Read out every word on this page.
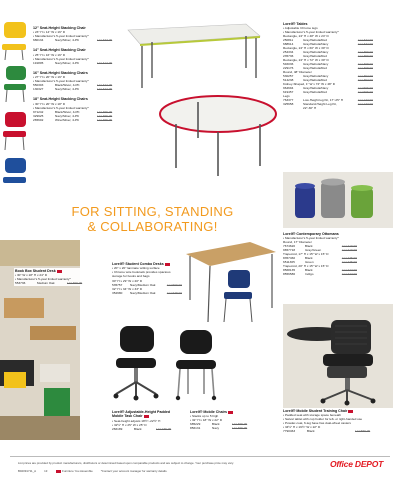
12" Seat-Height Stacking Chair
• 23" H x 14" W x 16" D
• Manufacturer's 5-year limited warranty*
680134	Navy/Silver, 4-PK	List 377.00
14" Seat-Height Stacking Chair
• 25" H x 16" W x 16" D
• Manufacturer's 5-year limited warranty*
191805	Navy/Silver, 4-PK	List 412.00
16" Seat-Height Stacking Chairs
• 27" H x 20" W x 16" D
• Manufacturer's 5-year limited warranty*
550303	Black/Silver, 4-PK	List 424.00
130327	Navy/Silver, 4-PK	List 424.00
18" Seat-Height Stacking Chairs
• 30" H x 20" W x 18" D
• Manufacturer's 5-year limited warranty*
971242	Black/Silver, 4-PK	List 456.00
329925	Navy/Silver, 4-PK	List 456.00
265602	Wine/Silver, 4-PK	List 456.00
Lorell® Tables
• Adjustable Chrome legs
• Manufacturer's 5-year limited warranty*
Rectangle, 24" H x 48" W x 24" D
250811	Gray/Nebula/Red	List 334.00
688614	Gray/Nebula/Navy	List 334.00
Rectangle, 24" H x 60" W x 30" D
254334	Gray/Nebula/Navy	List 359.00
235736	Gray/Nebula/Red	List 359.00
Rectangle, 24" H x 72" W x 30" D
546036	Gray/Nebula/Navy	List 368.00
229176	Gray/Nebula/Red	List 368.00
Round, 48" Diameter
530257	Gray/Nebula/Navy	List 357.00
514238	Gray/Nebula/Red	List 357.00
Kidney-Shaped, 1" W x 72" W x 48" D
964694	Gray/Nebula/Navy	List 566.00
619457	Gray/Nebula/Red	List 566.00
Legs
763377	Low-Height leg Kit, 17"-25" H	List 177.00
325658	Standard-Height Leg Kit,	List 177.00
22"-30" H
FOR SITTING, STANDING
& COLLABORATING!
Lorell® Contemporary Ottomans
• Manufacturer's 5-year limited warranty*
Round, 17" Diameter
7674620	Black	List 219.00
9657718	Gray/Green	List 219.00
Trapezoid, 17" H x 15" W x 15" D
8357460	Black	List 235.00
6511365	Green	List 235.00
Trapezoid, 20" H x 15" W x 15" D
8568135	Black	List 247.00
8556586	Indigo	List 247.00
Book Box Student Desk
• 30" W x 18" H x 24" D
• Manufacturer's 5-year limited warranty*
553736	Medium Oak	List 399.00
Lorell® Student Combo Desks
• 20" x 20" laminate writing surface
• Chrome wire bookrack provides spacious
storage for books and bags
30" H x 29" W x 20" D
535757	Navy/Medium Oak	List 599.00
32" H x 34" W x 33" D
352980	Navy/Medium Oak	List 678.00
Lorell® Adjustable-Height Padded
Mobile Task Chair
• Seat-height adjusts 18½"–22½" H
• 32½" H x 25" W x 25" D
266189	Black	List 236.00
Lorell® Mobile Chairs
• Stacks up to 5 high
• 32" H x 18" W x 22" D
685229	Black	List 366.00
856131	Navy	List 366.00
Lorell® Mobile Student Training Chair
• Padded seat with storage space beneath
• Swivel tablet with cup holder for left- or right-handed use
• Powder-coat, 6-leg base has dual-wheel casters
• 34½" H x 19½" W x 22" D
7790463	Black	List 589.00
List prices are provided by product manufacturers, distributors or determined based upon comparable products and are subject to change. Your purchase price may vary.
B02091711_A	13	Furniture You Assemble	*Contact your account manager for warranty details.
Office DEPOT
